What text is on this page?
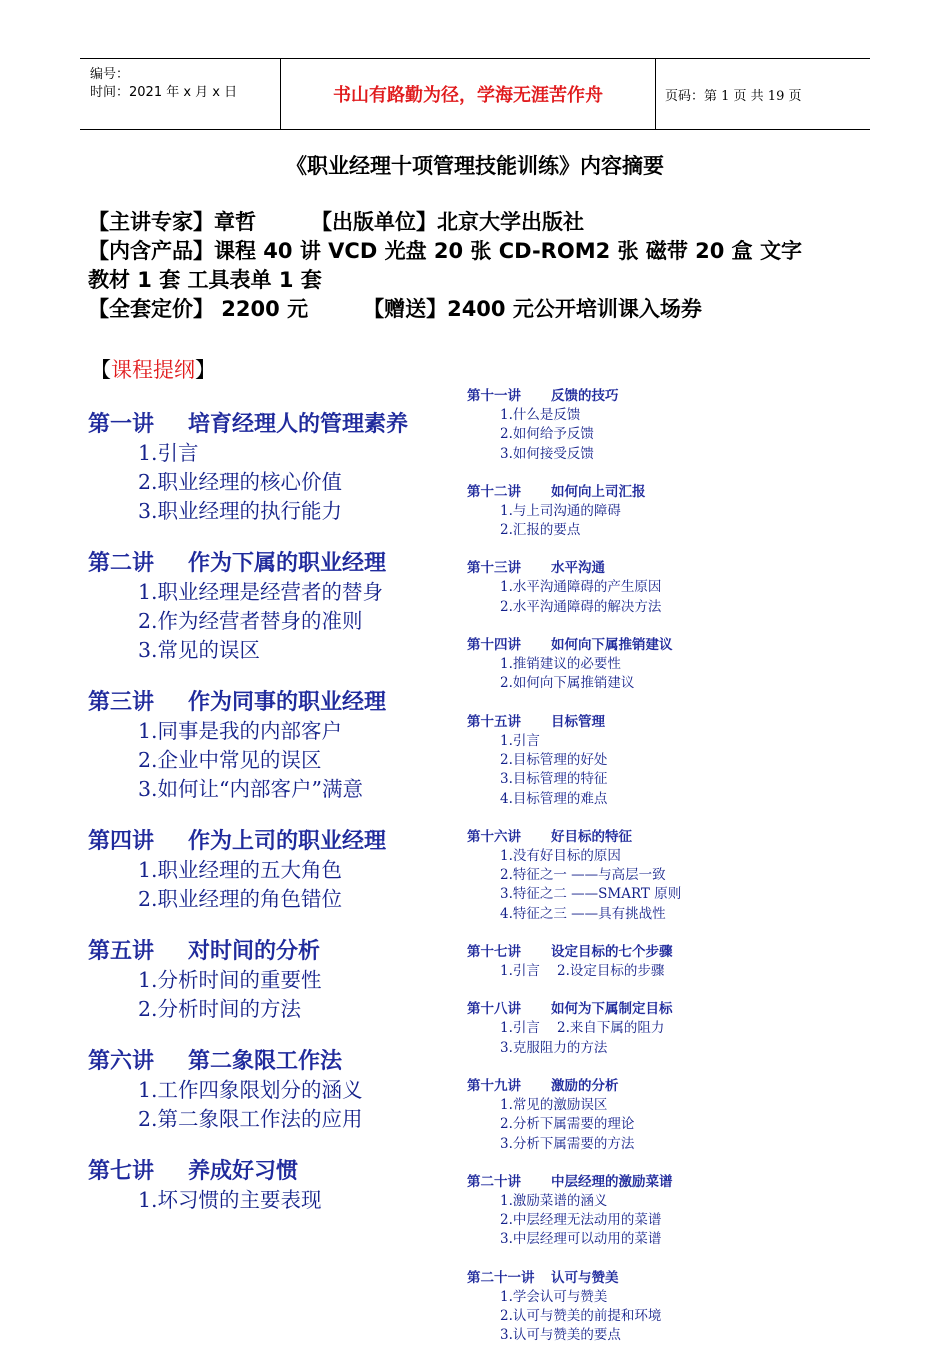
编号：
时间：2021 年 x 月 x 日	书山有路勤为径，学海无涯苦作舟	页码：第 1 页 共 19 页
《职业经理十项管理技能训练》内容摘要
【主讲专家】章哲	【出版单位】北京大学出版社
【内含产品】课程 40 讲 VCD 光盘 20 张 CD-ROM2 张 磁带 20 盒 文字
教材 1 套 工具表单 1 套
【全套定价】 2200 元	【赠送】2400 元公开培训课入场券
【课程提纲】
第一讲 培育经理人的管理素养
1.引言
2.职业经理的核心价值
3.职业经理的执行能力
第二讲 作为下属的职业经理
1.职业经理是经营者的替身
2.作为经营者替身的准则
3.常见的误区
第三讲 作为同事的职业经理
1.同事是我的内部客户
2.企业中常见的误区
3.如何让“内部客户”满意
第四讲 作为上司的职业经理
1.职业经理的五大角色
2.职业经理的角色错位
第五讲 对时间的分析
1.分析时间的重要性
2.分析时间的方法
第六讲 第二象限工作法
1.工作四象限划分的涵义
2.第二象限工作法的应用
第七讲 养成好习惯
1.坏习惯的主要表现
第十一讲 反馈的技巧
1.什么是反馈
2.如何给予反馈
3.如何接受反馈
第十二讲 如何向上司汇报
1.与上司沟通的障碍
2.汇报的要点
第十三讲 水平沟通
1.水平沟通障碍的产生原因
2.水平沟通障碍的解决方法
第十四讲 如何向下属推销建议
1.推销建议的必要性
2.如何向下属推销建议
第十五讲 目标管理
1.引言
2.目标管理的好处
3.目标管理的特征
4.目标管理的难点
第十六讲 好目标的特征
1.没有好目标的原因
2.特征之一 ——与高层一致
3.特征之二 ——SMART 原则
4.特征之三 ——具有挑战性
第十七讲 设定目标的七个步骤
1.引言    2.设定目标的步骤
第十八讲 如何为下属制定目标
1.引言    2.来自下属的阻力
3.克服阻力的方法
第十九讲 激励的分析
1.常见的激励误区
2.分析下属需要的理论
3.分析下属需要的方法
第二十讲 中层经理的激励菜谱
1.激励菜谱的涵义
2.中层经理无法动用的菜谱
3.中层经理可以动用的菜谱
第二十一讲 认可与赞美
1.学会认可与赞美
2.认可与赞美的前提和环境
3.认可与赞美的要点
